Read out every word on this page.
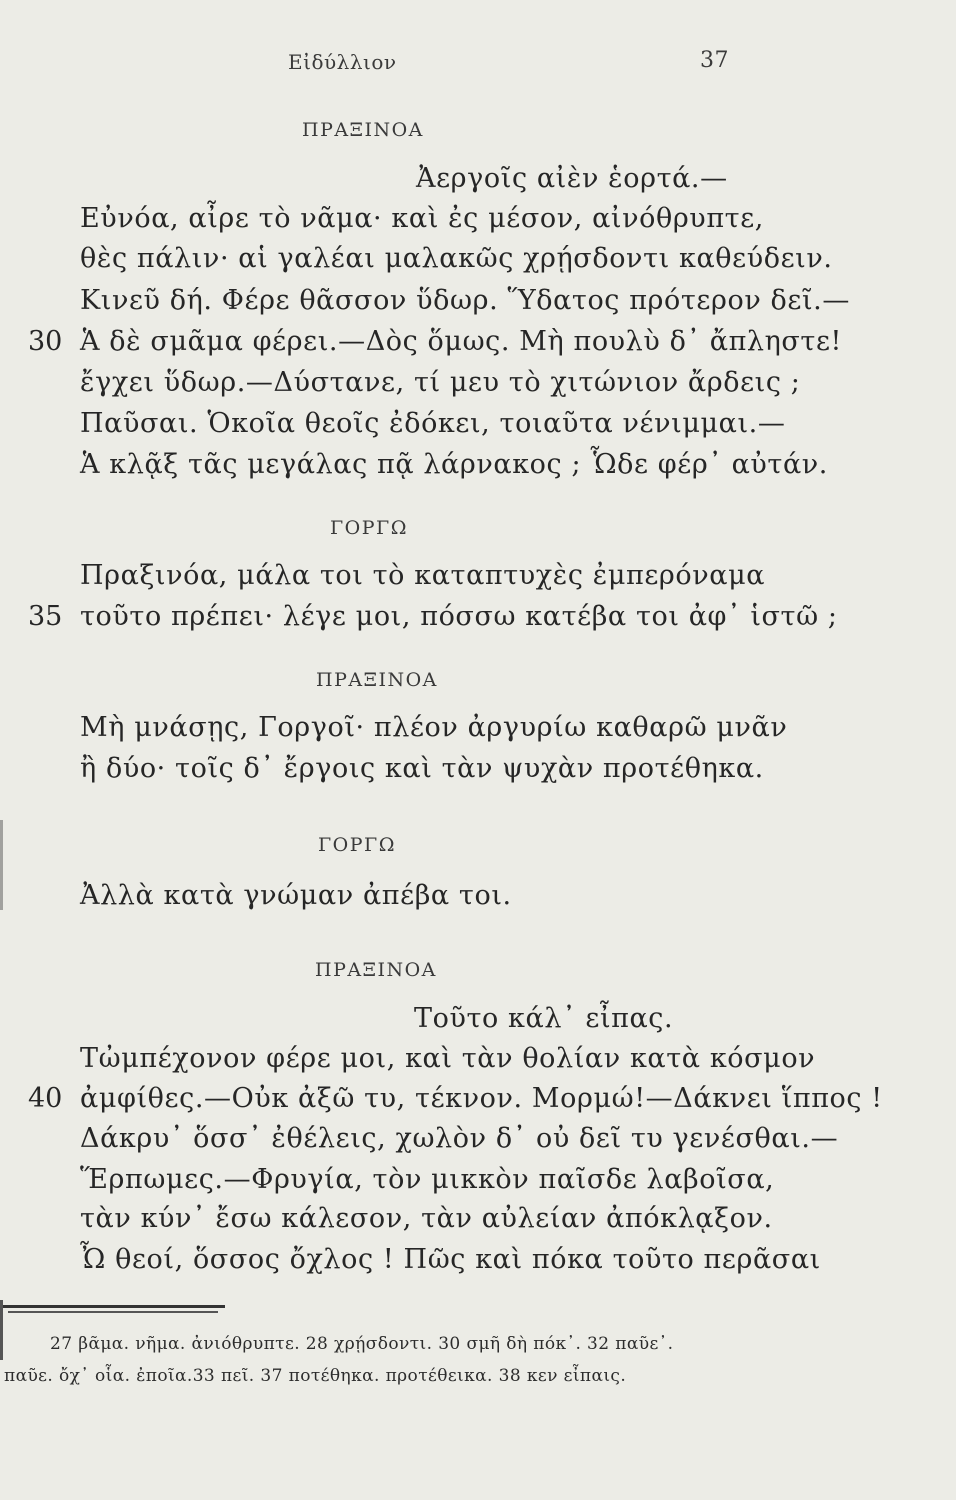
Εἰδύλλιον	37
ΠΡΑΞΙΝΟΑ
Ἀεργοῖς αἰὲν ἑορτά.—
Εὐνόα, αἶρε τὸ νᾶμα· καὶ ἐς μέσον, αἰνόθρυπτε,
θὲς πάλιν· αἱ γαλέαι μαλακῶς χρῄσδοντι καθεύδειν.
Κινεῦ δή. Φέρε θᾶσσον ὕδωρ. Ὕδατος πρότερον δεῖ.—
30 Ἁ δὲ σμᾶμα φέρει.—Δὸς ὅμως. Μὴ πουλὺ δ᾽ ἄπληστε!
ἔγχει ὕδωρ.—Δύστανε, τί μευ τὸ χιτώνιον ἄρδεις ;
Παῦσαι. Ὁκοῖα θεοῖς ἐδόκει, τοιαῦτα νένιμμαι.—
Ἁ κλᾷξ τᾶς μεγάλας πᾷ λάρνακος ; Ὧδε φέρ᾽ αὐτάν.
ΓΟΡΓΩ
Πραξινόα, μάλα τοι τὸ καταπτυχὲς ἐμπερόναμα
35 τοῦτο πρέπει· λέγε μοι, πόσσω κατέβα τοι ἀφ᾽ ἱστῶ ;
ΠΡΑΞΙΝΟΑ
Μὴ μνάσῃς, Γοργοῖ· πλέον ἀργυρίω καθαρῶ μνᾶν
ἢ δύο· τοῖς δ᾽ ἔργοις καὶ τὰν ψυχὰν προτέθηκα.
ΓΟΡΓΩ
Ἀλλὰ κατὰ γνώμαν ἀπέβα τοι.
ΠΡΑΞΙΝΟΑ
Τοῦτο κάλ᾽ εἶπας.
Τὠμπέχονον φέρε μοι, καὶ τὰν θολίαν κατὰ κόσμον
40 ἀμφίθες.—Οὐκ ἀξῶ τυ, τέκνον. Μορμώ!—Δάκνει ἵππος !
Δάκρυ᾽ ὅσσ᾽ ἐθέλεις, χωλὸν δ᾽ οὐ δεῖ τυ γενέσθαι.—
Ἕρπωμες.—Φρυγία, τὸν μικκὸν παῖσδε λαβοῖσα,
τὰν κύν᾽ ἔσω κάλεσον, τὰν αὐλείαν ἀπόκλᾳξον.
Ὦ θεοί, ὅσσος ὄχλος ! Πῶς καὶ πόκα τοῦτο περᾶσαι
27 βᾶμα. νῆμα. ἀνιόθρυπτε. 28 χρῄσδοντι. 30 σμῆ δὴ πόκ᾽. 32 παῦε᾽.
παῦε. ὄχ᾽ οἷα. ἐποῖα.33 πεῖ. 37 ποτέθηκα. προτέθεικα. 38 κεν εἶπαις.
